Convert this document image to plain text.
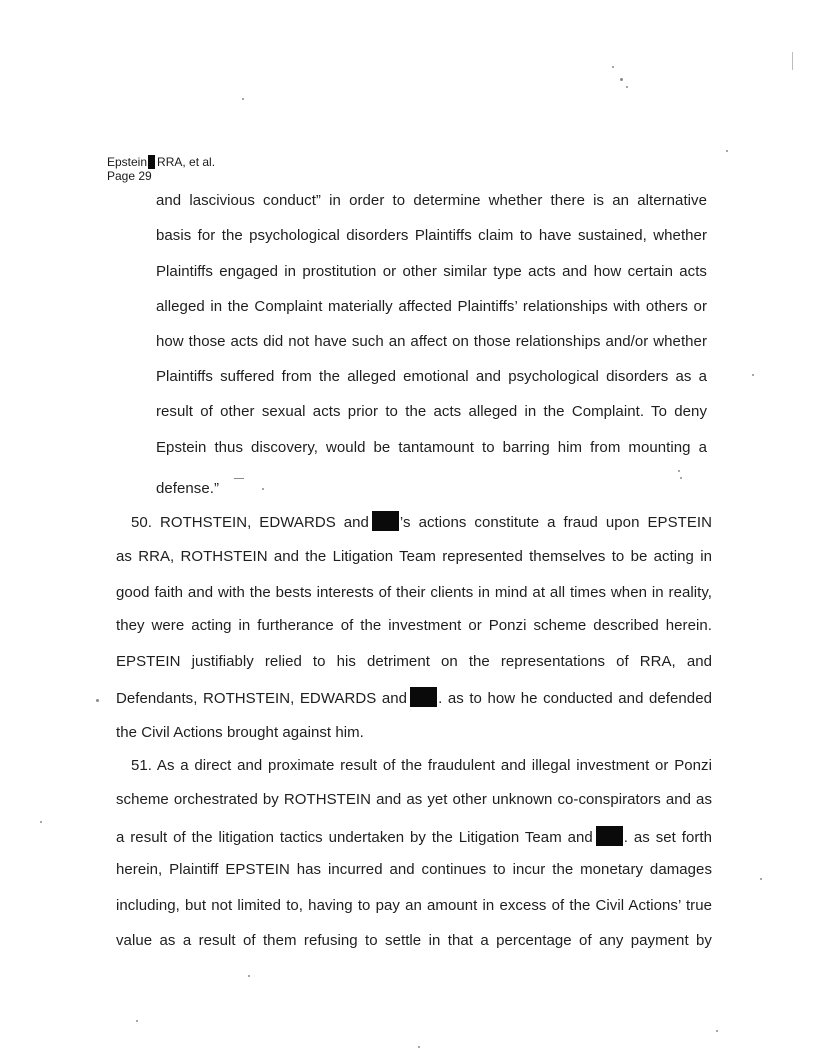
Epstein RRA, et al.
Page 29
and lascivious conduct” in order to determine whether there is an alternative
basis for the psychological disorders Plaintiffs claim to have sustained, whether
Plaintiffs engaged in prostitution or other similar type acts and how certain acts
alleged in the Complaint materially affected Plaintiffs’ relationships with others or
how those acts did not have such an affect on those relationships and/or whether
Plaintiffs suffered from the alleged emotional and psychological disorders as a
result of other sexual acts prior to the acts alleged in the Complaint. To deny
Epstein thus discovery, would be tantamount to barring him from mounting a
defense.”
50. ROTHSTEIN, EDWARDS and ’s actions constitute a fraud upon EPSTEIN
as RRA, ROTHSTEIN and the Litigation Team represented themselves to be acting in
good faith and with the bests interests of their clients in mind at all times when in reality,
they were acting in furtherance of the investment or Ponzi scheme described herein.
EPSTEIN justifiably relied to his detriment on the representations of RRA, and
Defendants, ROTHSTEIN, EDWARDS and . as to how he conducted and defended
the Civil Actions brought against him.
51. As a direct and proximate result of the fraudulent and illegal investment or Ponzi
scheme orchestrated by ROTHSTEIN and as yet other unknown co-conspirators and as
a result of the litigation tactics undertaken by the Litigation Team and . as set forth
herein, Plaintiff EPSTEIN has incurred and continues to incur the monetary damages
including, but not limited to, having to pay an amount in excess of the Civil Actions’ true
value as a result of them refusing to settle in that a percentage of any payment by
